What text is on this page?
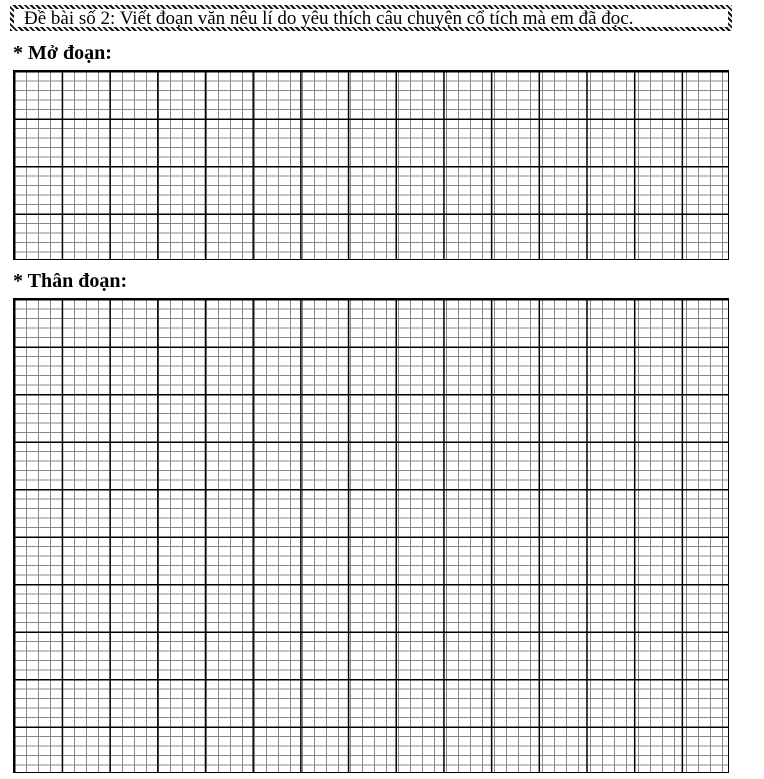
Đề bài số 2: Viết đoạn văn nêu lí do yêu thích câu chuyện cổ tích mà em đã đọc.
* Mở đoạn:
* Thân đoạn:
